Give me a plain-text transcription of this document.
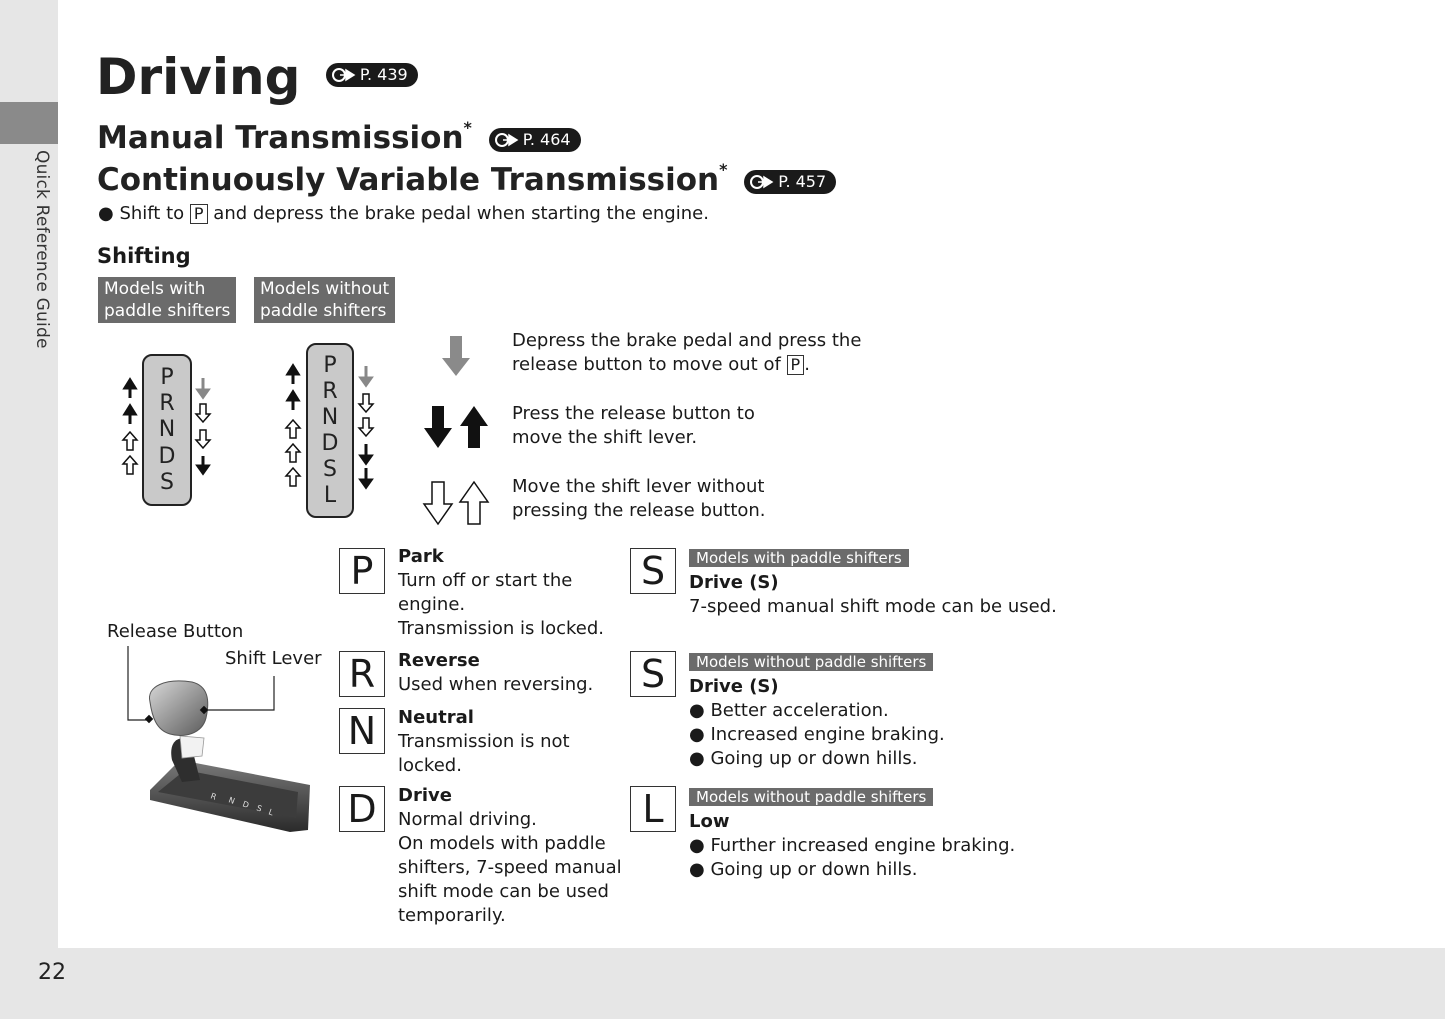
Quick Reference Guide
22
Driving	P. 439
Manual Transmission*
P. 464
Continuously Variable Transmission*
P. 457
● Shift to P and depress the brake pedal when starting the engine.
Shifting
Models with
paddle shifters
Models without
paddle shifters
P
R
N
D
S
P
R
N
D
S
L
Depress the brake pedal and press the
release button to move out of P .
Press the release button to
move the shift lever.
Move the shift lever without
pressing the release button.
Release Button
Shift Lever
R N D S L
P	Park
Turn off or start the
engine.
Transmission is locked.
R	Reverse
Used when reversing.
N	Neutral
Transmission is not
locked.
D	Drive
Normal driving.
On models with paddle
shifters, 7-speed manual
shift mode can be used
temporarily.
S	Models with paddle shifters
Drive (S)
7-speed manual shift mode can be used.
S	Models without paddle shifters
Drive (S)
● Better acceleration.
● Increased engine braking.
● Going up or down hills.
L	Models without paddle shifters
Low
● Further increased engine braking.
● Going up or down hills.
